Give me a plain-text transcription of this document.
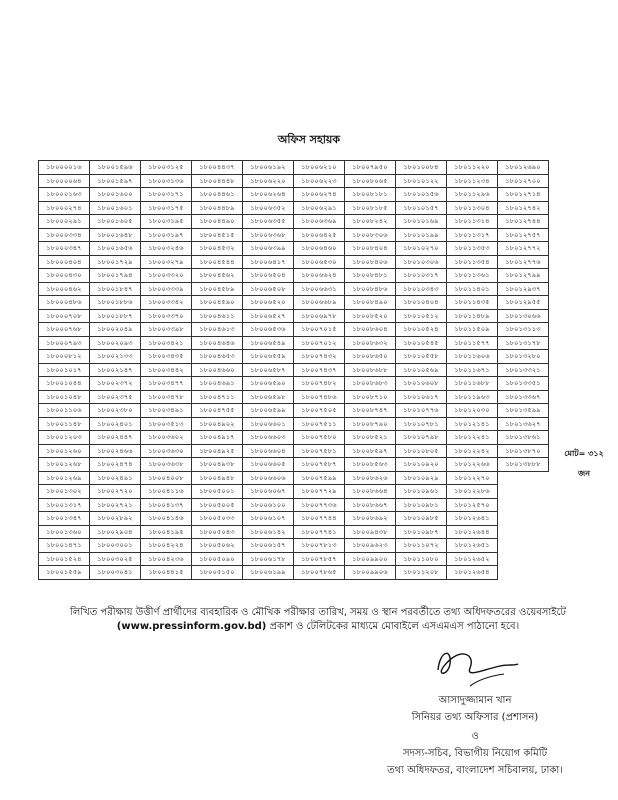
অফিস সহায়ক
১৮০০০০১৬	১৮০০১৫৯৬	১৮০০৩১২৫	১৮০০৪৪৩৭	১৮০০৬১৯২	১৮০০৬২১০	১৮০০৭৯৫০	১৮০১০০৮৪	১৮০১১২২০	১৮০১২৬৯০
১৮০০০০৬৪	১৮০০১৫৯৭	১৮০০৩১৩৬	১৮০০৪৪৪৮	১৮০০৬২২০	১৮০০৬২২৩	১৮০০৮০৬৫	১৮০১০১২২	১৮০১১২৩৪	১৮০১২৭০০
১৮০০০১৬৩	১৮০০১৬০০	১৮০০৩১৭১	১৮০০৪৪৬১	১৮০০৬২৬৪	১৮০০৬২৭৪	১৮০০৮১৮১	১৮০১০১৫৬	১৮০১১২৯৬	১৮০১২৭১৪
১৮০০০২৭৪	১৮০০১৬০১	১৮০০৩১৭৫	১৮০০৪৪৮৯	১৮০০৬৩৫২	১৮০০৬২৯১	১৮০০৮১৮৫	১৮০১০১৫৭	১৮০১১৩০৪	১৮০১২৭৪২
১৮০০০২৯১	১৮০০১৬০৫	১৮০০৩১৯৫	১৮০০৪৪৯০	১৮০০৬৩৫৫	১৮০০৬৩৬৯	১৮০০৮২৪২	১৮০১০১৬৯	১৮০১১৩১৪	১৮০১২৭৪৪
১৮০০০৩৩৪	১৮০০১৬৪৮	১৮০০৩১৯৭	১৮০০৪৫১৫	১৮০০৬৩৬৮	১৮০০৬৪২৫	১৮০০৮৩০৬	১৮০১০১৯৯	১৮০১১৩১৭	১৮০১২৭৫৭
১৮০০০৩৪৭	১৮০০১৬৫৬	১৮০০৩২৪৬	১৮০০৪৫৩২	১৮০০৬৩৯৯	১৮০০৬৪৬০	১৮০০৮৪০৪	১৮০১০২৭০	১৮০১১৩৫৩	১৮০১২৭৭২
১৮০০০৪০৪	১৮০০১৭২৯	১৮০০৩২৭৯	১৮০০৪৫৪৪	১৮০০৬৪১৭	১৮০০৬৫৩০	১৮০০৮৪০৬	১৮০১০৩০৬	১৮০১১৩৫৪	১৮০১২৭৭৬
১৮০০০৪৩০	১৮০০১৭৯৪	১৮০০৩৩২০	১৮০০৪৫৬২	১৮০০৬৫০৪	১৮০০৬৬২৪	১৮০০৮৪৮১	১৮০১০৩১৭	১৮০১১৩৬১	১৮০১২৭৯৯
১৮০০০৪৬২	১৮০০১৮৪৭	১৮০০৩৩৩৯	১৮০০৪৫৮৯	১৮০০৬৫০৮	১৮০০৬৬৩১	১৮০০৮৪৮৬	১৮০১০৩৪৩	১৮০১১৪০১	১৮০১২৯৩৭
১৮০০০৪৮৬	১৮০০১৮৮৬	১৮০০৩৩৪২	১৮০০৪৫৯০	১৮০০৬৫২০	১৮০০৬৬৮৯	১৮০০৮৪৯০	১৮০১০৪০৪	১৮০১১৪৩৫	১৮০১২৯৫৫
১৮০০০৭০৮	১৮০০১৮৮৭	১৮০০৩৩৭০	১৮০০৪৬১১	১৮০০৬৫২৭	১৮০০৬৯৭৮	১৮০০৮৫২০	১৮০১০৫১২	১৮০১১৪৮৯	১৮০১৩০৬৬
১৮০০০৭৬৮	১৮০০২০৪৯	১৮০০৩৩৯৮	১৮০০৪৬১৩	১৮০০৬৫৩৬	১৮০০৭০১৫	১৮০০৮৬০৪	১৮০১০৫২৪	১৮০১১৫০৯	১৮০১৩১১৩
১৮০০০৭৯৩	১৮০০২০৯৩	১৮০০৩৪২১	১৮০০৪৬৪৬	১৮০০৬৫৪৯	১৮০০৭০১২	১৮০০৮৬৩২	১৮০১০৫৪৫	১৮০১১৫৭৭	১৮০১৩১৭৮
১৮০০০৮১২	১৮০০২১৩৩	১৮০০৩৪৩৫	১৮০০৪৬৫৩	১৮০০৬৫৫৯	১৮০০৭৪৩২	১৮০০৮৬৫০	১৮০১০৫৫৮	১৮০১১৬০৬	১৮০১৩২৮০
১৮০০১০১৭	১৮০০২১৪৭	১৮০০৩৪৪২	১৮০০৪৬৬০	১৮০০৬৫৮৭	১৮০০৭৪৩৭	১৮০০৮৬৮৮	১৮০১০৫৬৯	১৮০১১৬৭১	১৮০১৩৩২১
১৮০০১০৪৪	১৮০০২৩৭২	১৮০০৩৪৭৭	১৮০০৪৬৯১	১৮০০৬৫৯০	১৮০০৭৪৮২	১৮০০৮৬৮৩	১৮০১০৬০৮	১৮০১১৬৮৮	১৮০১৩৩৫১
১৮০০১০৪৮	১৮০০২৩৭৫	১৮০০৩৪৭৮	১৮০০৪৭১১	১৮০০৬৫৯৮	১৮০০৭৪৮৬	১৮০০৮৭১০	১৮০১০৬১৭	১৮০১১৯৬৩	১৮০১৩৩৬৭
১৮০০১১০৬	১৮০০২৩৮০	১৮০০৩৪৯১	১৮০০৪৭৫৫	১৮০০৬৫৯৯	১৮০০৭৫০৫	১৮০০৮৭৪৭	১৮০১০৭৭৬	১৮০১২০৩০	১৮০১৩৫৯৯
১৮০০১১৪৮	১৮০০২৪০১	১৮০০৩৫১৩	১৮০০৪৯০২	১৮০০৬৬০১	১৮০০৭৫১১	১৮০০৮৭৯০	১৮০১০৭৮১	১৮০১২১৪১	১৮০১৩৬২৭
১৮০০১২০৩	১৮০০২৪৪৭	১৮০০৩৬০২	১৮০০৪৯১৭	১৮০০৬৬০৩	১৮০০৭৫৮০	১৮০০৮৫২১	১৮০১০৭৯৮	১৮০১২২৪১	১৮০১৩৮৬১
১৮০০১২৬০	১৮০০২৪৬৬	১৮০০৩৬৩০	১৮০০৪৯২৫	১৮০০৬৬০৪	১৮০০৭৫৮১	১৮০০৮৫৯৭	১৮০১০৮০৫	১৮০১২২৪২	১৮০১৩৮৭০
১৮০০১২৬৮	১৮০০২৪৭৪	১৮০০৩৬৩৮	১৮০০৪৯৩৮	১৮০০৬৬০৫	১৮০০৭৫৮৭	১৮০০৮৫৬৩	১৮০১০৯২০	১৮০১২২৬৬	১৮০১৩৮৮৮
১৮০০১২৬৯	১৮০০২৪৯১	১৮০০৪০০৮	১৮০০৪৯৪৮	১৮০০৬৬০৬	১৮০০৭৫৯৯	১৮০০৮৬২৬	১৮০১০৯২৯	১৮০১২২৭০	
১৮০০১৩০২	১৮০০২৭২০	১৮০০৪১১৬	১৮০০৫০০১	১৮০০৬০৬৭	১৮০০৭৭২৯	১৮০০৮৬৬৪	১৮০১০৯৬১	১৮০১২২৮৬	
১৮০০১৩১৭	১৮০০২৭২১	১৮০০৪১৩৭	১৮০০৫০০৫	১৮০০৬১০০	১৮০০৭৭৩৬	১৮০০৮৬৬৭	১৮০১০৯৮১	১৮০১২৫৭০	
১৮০০১৩৪৭	১৮০০২৮৯২	১৮০০৪১৪৬	১৮০০৫০৩৩	১৮০০৬১০৭	১৮০০৭৭৪৪	১৮০০৮৬৯২	১৮০১০৯৮৫	১৮০১২৬৪১	
১৮০০১৩৬০	১৮০০২৯০৪	১৮০০৪১৯৫	১৮০০৫০৪৩	১৮০০৬১৪২	১৮০০৭৭৪১	১৮০০৯৪৩৮	১৮০১০৯৮৭	১৮০১২৬৪৪	
১৮০০১৪৭১	১৮০০৩০০১	১৮০০৪২২৪	১৮০০৫০৬২	১৮০০৬১৫৭	১৮০০৭৮১৩	১৮০০৯৬২৩	১৮০১১০৭২	১৮০১২৬৫১	
১৮০০১৫২৪	১৮০০৩০২৫	১৮০০৪২৩৬	১৮০০৫০৯০	১৮০০৬১৭৮	১৮০০৭৮৫৭	১৮০০৯৯০০	১৮০১১০৮০	১৮০১২৬৫২	
১৮০০১৫৫৯	১৮০০৩০৪১	১৮০০৪৪১৫	১৮০০৫১৫০	১৮০০৬১৯৯	১৮০০৭৮৬৫	১৮০০৯৯০৬	১৮০১১২০৮	১৮০১২৬৫৪	
মোট= ৩১২
জন
লিখিত পরীক্ষায় উত্তীর্ণ প্রার্থীদের ব্যবহারিক ও মৌখিক পরীক্ষার তারিখ, সময় ও স্থান পরবর্তীতে তথ্য অধিদফতরের ওয়েবসাইটে
(www.pressinform.gov.bd) প্রকাশ ও টেলিটকের মাধ্যমে মোবাইলে এসএমএস পাঠানো হবে।
আসাদুজ্জামান খান
সিনিয়র তথ্য অফিসার (প্রশাসন)
ও
সদস্য-সচিব, বিভাগীয় নিয়োগ কমিটি
তথ্য অধিদফতর, বাংলাদেশ সচিবালয়, ঢাকা।
